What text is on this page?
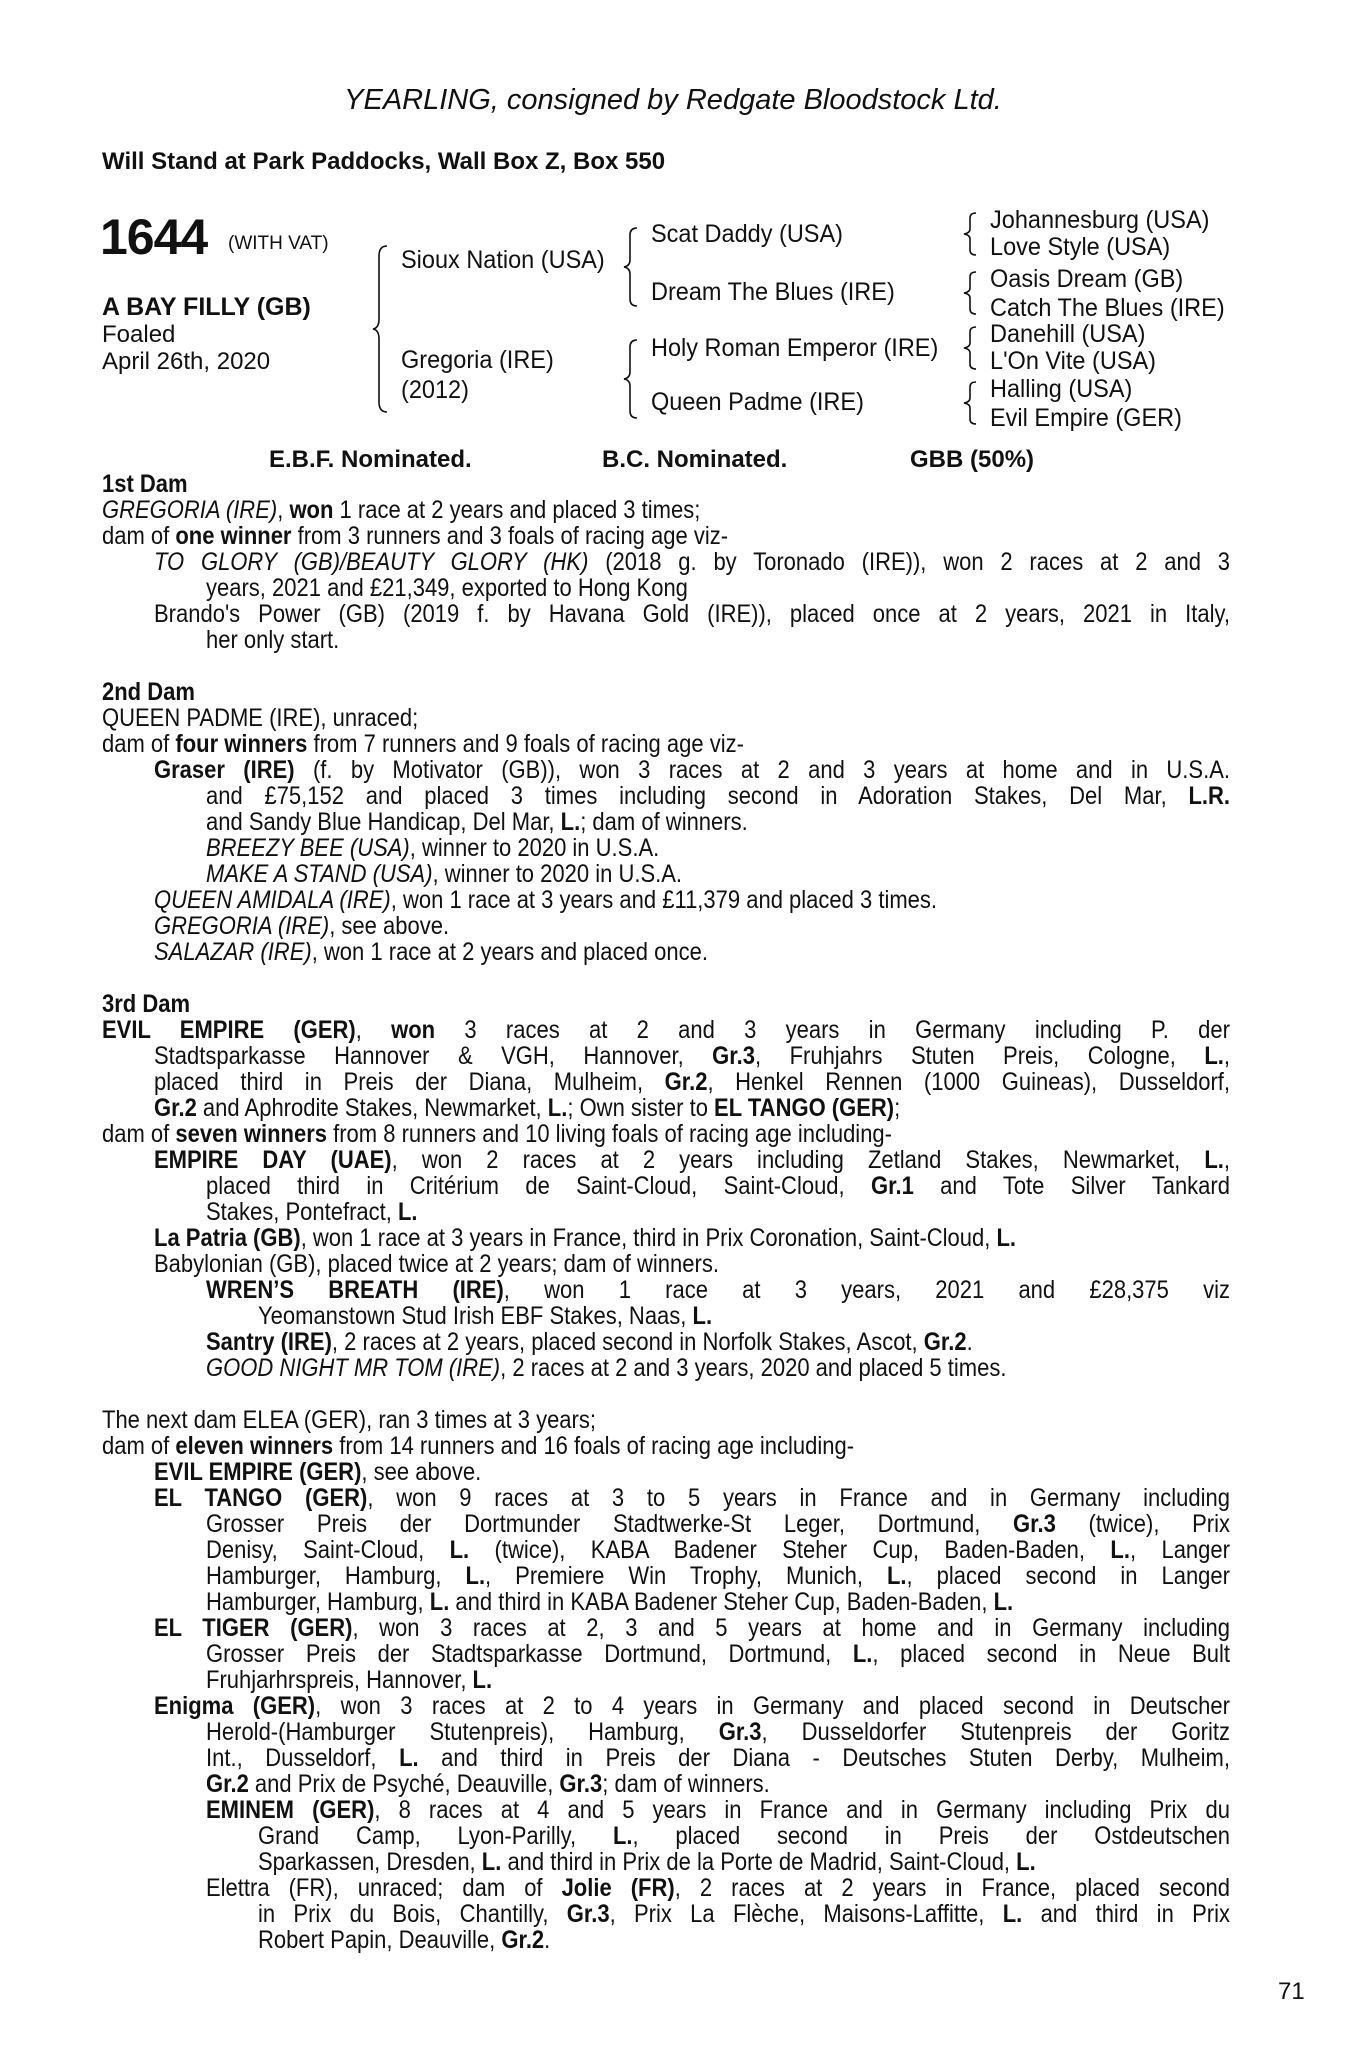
YEARLING, consigned by Redgate Bloodstock Ltd.
Will Stand at Park Paddocks, Wall Box Z, Box 550
1644 (WITH VAT)
A BAY FILLY (GB)
Foaled
April 26th, 2020
Sioux Nation (USA)
Gregoria (IRE)
(2012)
Scat Daddy (USA)
Dream The Blues (IRE)
Holy Roman Emperor (IRE)
Queen Padme (IRE)
Johannesburg (USA)
Love Style (USA)
Oasis Dream (GB)
Catch The Blues (IRE)
Danehill (USA)
L'On Vite (USA)
Halling (USA)
Evil Empire (GER)
E.B.F. Nominated.	B.C. Nominated.	GBB (50%)
1st Dam
GREGORIA (IRE), won 1 race at 2 years and placed 3 times;
dam of one winner from 3 runners and 3 foals of racing age viz-
TO GLORY (GB)/BEAUTY GLORY (HK) (2018 g. by Toronado (IRE)), won 2 races at 2 and 3
years, 2021 and £21,349, exported to Hong Kong
Brando's Power (GB) (2019 f. by Havana Gold (IRE)), placed once at 2 years, 2021 in Italy,
her only start.
2nd Dam
QUEEN PADME (IRE), unraced;
dam of four winners from 7 runners and 9 foals of racing age viz-
Graser (IRE) (f. by Motivator (GB)), won 3 races at 2 and 3 years at home and in U.S.A.
and £75,152 and placed 3 times including second in Adoration Stakes, Del Mar, L.R.
and Sandy Blue Handicap, Del Mar, L.; dam of winners.
BREEZY BEE (USA), winner to 2020 in U.S.A.
MAKE A STAND (USA), winner to 2020 in U.S.A.
QUEEN AMIDALA (IRE), won 1 race at 3 years and £11,379 and placed 3 times.
GREGORIA (IRE), see above.
SALAZAR (IRE), won 1 race at 2 years and placed once.
3rd Dam
EVIL EMPIRE (GER), won 3 races at 2 and 3 years in Germany including P. der
Stadtsparkasse Hannover & VGH, Hannover, Gr.3, Fruhjahrs Stuten Preis, Cologne, L.,
placed third in Preis der Diana, Mulheim, Gr.2, Henkel Rennen (1000 Guineas), Dusseldorf,
Gr.2 and Aphrodite Stakes, Newmarket, L.; Own sister to EL TANGO (GER);
dam of seven winners from 8 runners and 10 living foals of racing age including-
EMPIRE DAY (UAE), won 2 races at 2 years including Zetland Stakes, Newmarket, L.,
placed third in Critérium de Saint-Cloud, Saint-Cloud, Gr.1 and Tote Silver Tankard
Stakes, Pontefract, L.
La Patria (GB), won 1 race at 3 years in France, third in Prix Coronation, Saint-Cloud, L.
Babylonian (GB), placed twice at 2 years; dam of winners.
WREN’S BREATH (IRE), won 1 race at 3 years, 2021 and £28,375 viz
Yeomanstown Stud Irish EBF Stakes, Naas, L.
Santry (IRE), 2 races at 2 years, placed second in Norfolk Stakes, Ascot, Gr.2.
GOOD NIGHT MR TOM (IRE), 2 races at 2 and 3 years, 2020 and placed 5 times.
The next dam ELEA (GER), ran 3 times at 3 years;
dam of eleven winners from 14 runners and 16 foals of racing age including-
EVIL EMPIRE (GER), see above.
EL TANGO (GER), won 9 races at 3 to 5 years in France and in Germany including
Grosser Preis der Dortmunder Stadtwerke-St Leger, Dortmund, Gr.3 (twice), Prix
Denisy, Saint-Cloud, L. (twice), KABA Badener Steher Cup, Baden-Baden, L., Langer
Hamburger, Hamburg, L., Premiere Win Trophy, Munich, L., placed second in Langer
Hamburger, Hamburg, L. and third in KABA Badener Steher Cup, Baden-Baden, L.
EL TIGER (GER), won 3 races at 2, 3 and 5 years at home and in Germany including
Grosser Preis der Stadtsparkasse Dortmund, Dortmund, L., placed second in Neue Bult
Fruhjarhrspreis, Hannover, L.
Enigma (GER), won 3 races at 2 to 4 years in Germany and placed second in Deutscher
Herold-(Hamburger Stutenpreis), Hamburg, Gr.3, Dusseldorfer Stutenpreis der Goritz
Int., Dusseldorf, L. and third in Preis der Diana - Deutsches Stuten Derby, Mulheim,
Gr.2 and Prix de Psyché, Deauville, Gr.3; dam of winners.
EMINEM (GER), 8 races at 4 and 5 years in France and in Germany including Prix du
Grand Camp, Lyon-Parilly, L., placed second in Preis der Ostdeutschen
Sparkassen, Dresden, L. and third in Prix de la Porte de Madrid, Saint-Cloud, L.
Elettra (FR), unraced; dam of Jolie (FR), 2 races at 2 years in France, placed second
in Prix du Bois, Chantilly, Gr.3, Prix La Flèche, Maisons-Laffitte, L. and third in Prix
Robert Papin, Deauville, Gr.2.
71
